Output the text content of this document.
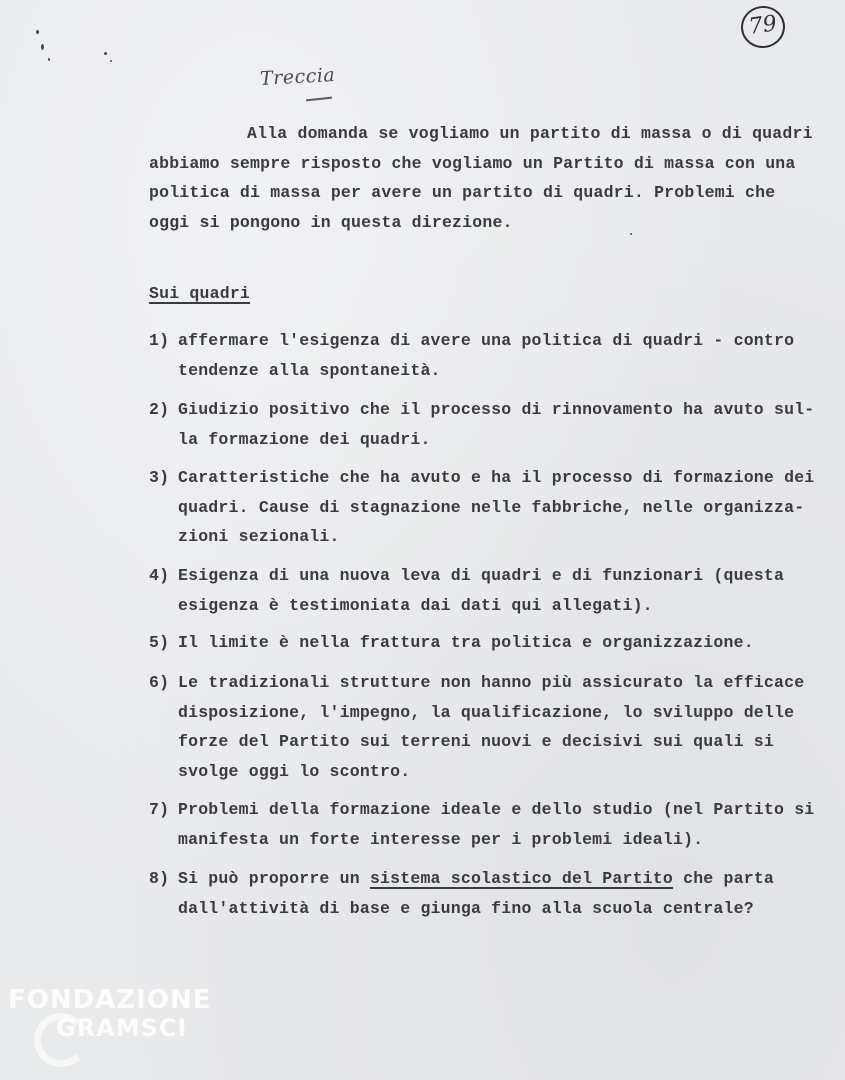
79
Treccia
Alla domanda se vogliamo un partito di massa o di quadri
abbiamo sempre risposto che vogliamo un Partito di massa con una
politica di massa per avere un partito di quadri. Problemi che
oggi si pongono in questa direzione.
Sui quadri
1) affermare l'esigenza di avere una politica di quadri - contro
tendenze alla spontaneità.
2) Giudizio positivo che il processo di rinnovamento ha avuto sul-
la formazione dei quadri.
3) Caratteristiche che ha avuto e ha il processo di formazione dei
quadri. Cause di stagnazione nelle fabbriche, nelle organizza-
zioni sezionali.
4) Esigenza di una nuova leva di quadri e di funzionari (questa
esigenza è testimoniata dai dati qui allegati).
5) Il limite è nella frattura tra politica e organizzazione.
6) Le tradizionali strutture non hanno più assicurato la efficace
disposizione, l'impegno, la qualificazione, lo sviluppo delle
forze del Partito sui terreni nuovi e decisivi sui quali si
svolge oggi lo scontro.
7) Problemi della formazione ideale e dello studio (nel Partito si
manifesta un forte interesse per i problemi ideali).
8) Si può proporre un sistema scolastico del Partito che parta
dall'attività di base e giunga fino alla scuola centrale?
FONDAZIONE
GRAMSCI
